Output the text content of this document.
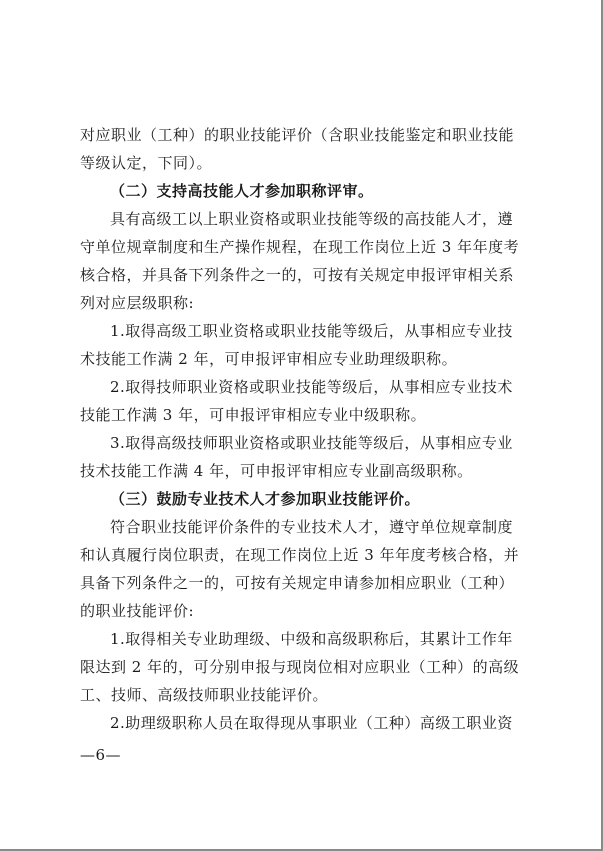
对应职业（工种）的职业技能评价（含职业技能鉴定和职业技能

等级认定，下同）。

（二）支持高技能人才参加职称评审。

具有高级工以上职业资格或职业技能等级的高技能人才，遵

守单位规章制度和生产操作规程，在现工作岗位上近 3 年年度考

核合格，并具备下列条件之一的，可按有关规定申报评审相关系

列对应层级职称:

1.取得高级工职业资格或职业技能等级后，从事相应专业技

术技能工作满 2 年，可申报评审相应专业助理级职称。

2.取得技师职业资格或职业技能等级后，从事相应专业技术

技能工作满 3 年，可申报评审相应专业中级职称。

3.取得高级技师职业资格或职业技能等级后，从事相应专业

技术技能工作满 4 年，可申报评审相应专业副高级职称。

（三）鼓励专业技术人才参加职业技能评价。

符合职业技能评价条件的专业技术人才，遵守单位规章制度

和认真履行岗位职责，在现工作岗位上近 3 年年度考核合格，并

具备下列条件之一的，可按有关规定申请参加相应职业（工种）

的职业技能评价:

1.取得相关专业助理级、中级和高级职称后，其累计工作年

限达到 2 年的，可分别申报与现岗位相对应职业（工种）的高级

工、技师、高级技师职业技能评价。

2.助理级职称人员在取得现从事职业（工种）高级工职业资

—6—
